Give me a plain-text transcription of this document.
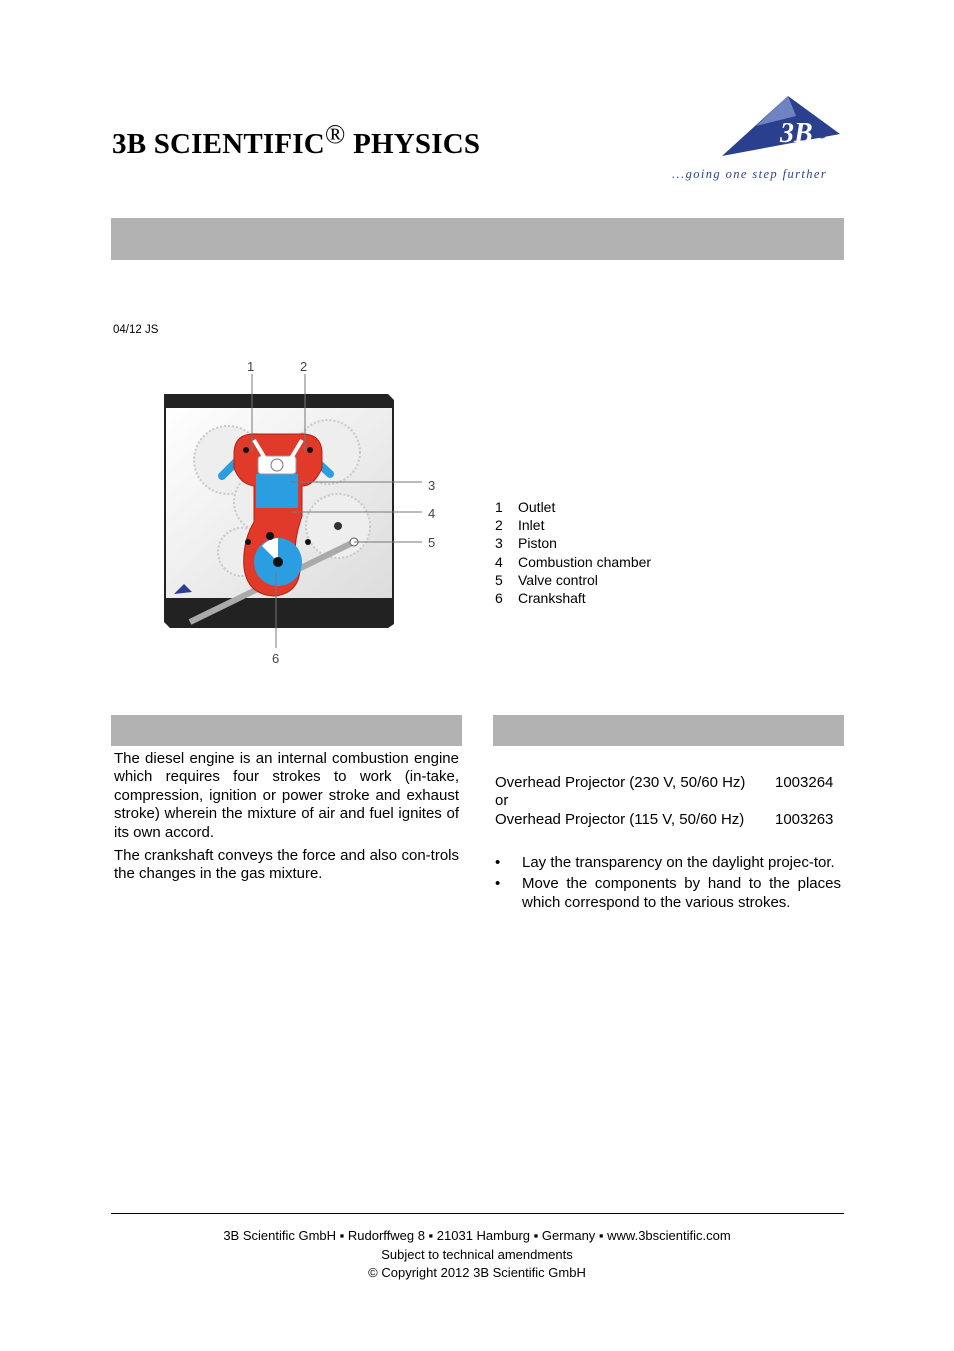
3B SCIENTIFIC® PHYSICS	3B
...going one step further
04/12 JS
1	2
3
4
5
6
1	Outlet
2	Inlet
3	Piston
4	Combustion chamber
5	Valve control
6	Crankshaft

The diesel engine is an internal combustion engine which requires four strokes to work (in-take, compression, ignition or power stroke and exhaust stroke) wherein the mixture of air and fuel ignites of its own accord.

The crankshaft conveys the force and also con-trols the changes in the gas mixture.

Overhead Projector (230 V, 50/60 Hz) 1003264
or
Overhead Projector (115 V, 50/60 Hz) 1003263
• Lay the transparency on the daylight projec-tor.
• Move the components by hand to the places which correspond to the various strokes.
3B Scientific GmbH ▪ Rudorffweg 8 ▪ 21031 Hamburg ▪ Germany ▪ www.3bscientific.com
Subject to technical amendments
© Copyright 2012 3B Scientific GmbH
